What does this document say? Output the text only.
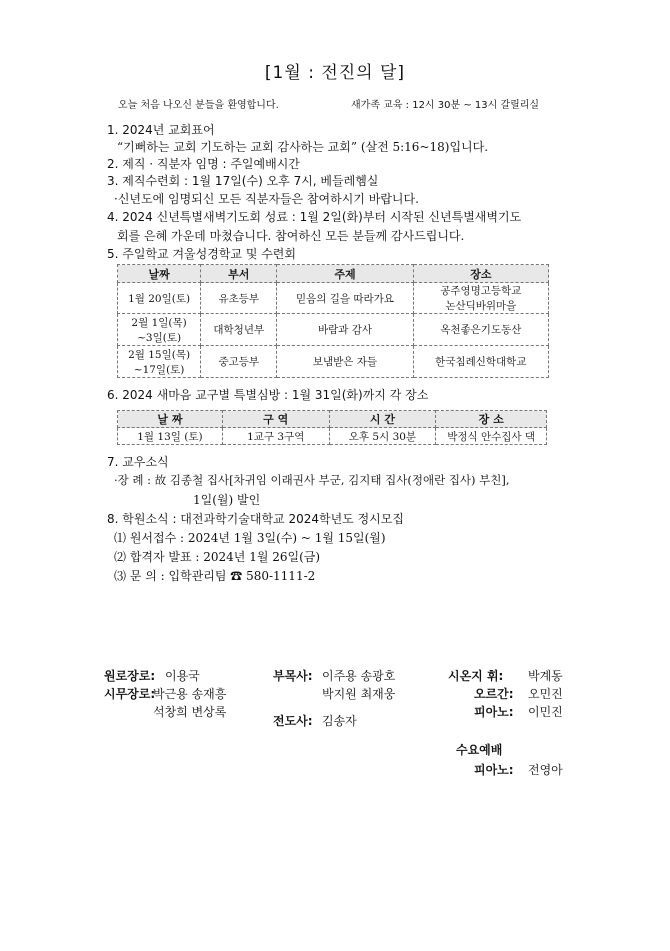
[1월 : 전진의 달]
오늘 처음 나오신 분들을 환영합니다.	새가족 교육 : 12시 30분 ~ 13시 갈릴리실
1. 2024년 교회표어
“기뻐하는 교회 기도하는 교회 감사하는 교회” (살전 5:16~18)입니다.
2. 제직 · 직분자 임명 : 주일예배시간
3. 제직수련회 : 1월 17일(수) 오후 7시, 베들레헴실
·신년도에 임명되신 모든 직분자들은 참여하시기 바랍니다.
4. 2024 신년특별새벽기도회 성료 : 1월 2일(화)부터 시작된 신년특별새벽기도
회를 은혜 가운데 마쳤습니다. 참여하신 모든 분들께 감사드립니다.
5. 주일학교 겨울성경학교 및 수련회
날짜	부서	주제	장소
1월 20일(토)	유초등부	믿음의 길을 따라가요	공주영명고등학교
논산딕바위마을
2월 1일(목)
~3일(토)	대학청년부	바람과 감사	옥천좋은기도동산
2월 15일(목)
~17일(토)	중고등부	보냄받은 자들	한국침례신학대학교
6. 2024 새마음 교구별 특별심방 : 1월 31일(화)까지 각 장소
날 짜	구 역	시 간	장 소
1월 13일 (토)	1교구 3구역	오후 5시 30분	박정식 안수집사 댁
7. 교우소식
·장 례 : 故 김종철 집사[차귀임 이래권사 부군, 김지태 집사(정애란 집사) 부친],
1일(월) 발인
8. 학원소식 : 대전과학기술대학교 2024학년도 정시모집
⑴ 원서접수 : 2024년 1월 3일(수) ~ 1월 15일(월)
⑵ 합격자 발표 : 2024년 1월 26일(금)
⑶ 문 의 : 입학관리팀 ☎ 580-1111-2
원로장로: 이용국
시무장로:
박근용 송재흥
석창희 변상록
부목사: 이주용 송광호
박지원 최재웅
전도사: 김송자
시온지 휘: 박계동
오르간: 오민진
피아노: 이민진
수요예배
피아노: 전영아
